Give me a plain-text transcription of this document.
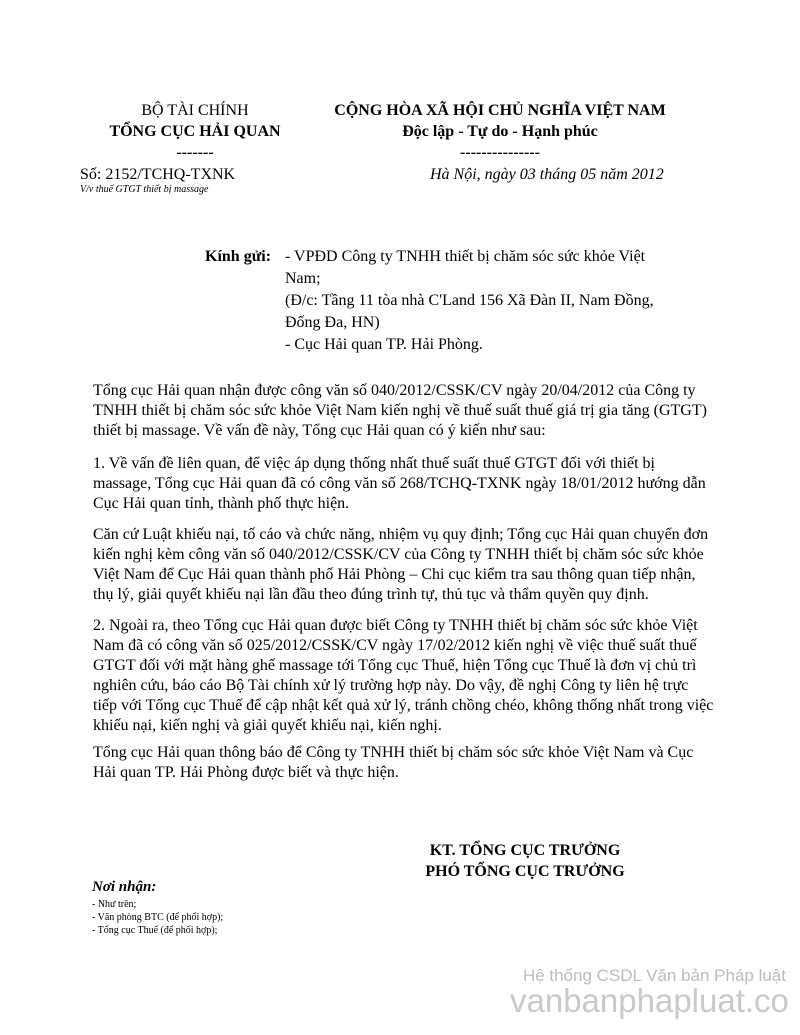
BỘ TÀI CHÍNH
TỔNG CỤC HẢI QUAN
-------
CỘNG HÒA XÃ HỘI CHỦ NGHĨA VIỆT NAM
Độc lập - Tự do - Hạnh phúc
---------------
Số: 2152/TCHQ-TXNK
V/v thuế GTGT thiết bị massage
Hà Nội, ngày 03 tháng 05 năm 2012
Kính gửi: - VPĐD Công ty TNHH thiết bị chăm sóc sức khỏe Việt
Nam;
(Đ/c: Tầng 11 tòa nhà C'Land 156 Xã Đàn II, Nam Đồng,
Đống Đa, HN)
- Cục Hải quan TP. Hải Phòng.
Tổng cục Hải quan nhận được công văn số 040/2012/CSSK/CV ngày 20/04/2012 của Công ty
TNHH thiết bị chăm sóc sức khỏe Việt Nam kiến nghị về thuế suất thuế giá trị gia tăng (GTGT)
thiết bị massage. Về vấn đề này, Tổng cục Hải quan có ý kiến như sau:
1. Về vấn đề liên quan, để việc áp dụng thống nhất thuế suất thuế GTGT đối với thiết bị
massage, Tổng cục Hải quan đã có công văn số 268/TCHQ-TXNK ngày 18/01/2012 hướng dẫn
Cục Hải quan tỉnh, thành phố thực hiện.
Căn cứ Luật khiếu nại, tố cáo và chức năng, nhiệm vụ quy định; Tổng cục Hải quan chuyển đơn
kiến nghị kèm công văn số 040/2012/CSSK/CV của Công ty TNHH thiết bị chăm sóc sức khỏe
Việt Nam để Cục Hải quan thành phố Hải Phòng – Chi cục kiểm tra sau thông quan tiếp nhận,
thụ lý, giải quyết khiếu nại lần đầu theo đúng trình tự, thủ tục và thẩm quyền quy định.
2. Ngoài ra, theo Tổng cục Hải quan được biết Công ty TNHH thiết bị chăm sóc sức khỏe Việt
Nam đã có công văn số 025/2012/CSSK/CV ngày 17/02/2012 kiến nghị về việc thuế suất thuế
GTGT đối với mặt hàng ghế massage tới Tổng cục Thuế, hiện Tổng cục Thuế là đơn vị chủ trì
nghiên cứu, báo cáo Bộ Tài chính xử lý trường hợp này. Do vậy, đề nghị Công ty liên hệ trực
tiếp với Tổng cục Thuế để cập nhật kết quả xử lý, tránh chồng chéo, không thống nhất trong việc
khiếu nại, kiến nghị và giải quyết khiếu nại, kiến nghị.
Tổng cục Hải quan thông báo để Công ty TNHH thiết bị chăm sóc sức khỏe Việt Nam và Cục
Hải quan TP. Hải Phòng được biết và thực hiện.
KT. TỔNG CỤC TRƯỞNG
PHÓ TỔNG CỤC TRƯỞNG
Nơi nhận:
- Như trên;
- Văn phòng BTC (để phối hợp);
- Tổng cục Thuế (để phối hợp);
Hệ thống CSDL Văn bản Pháp luật
vanbanphapluat.co
